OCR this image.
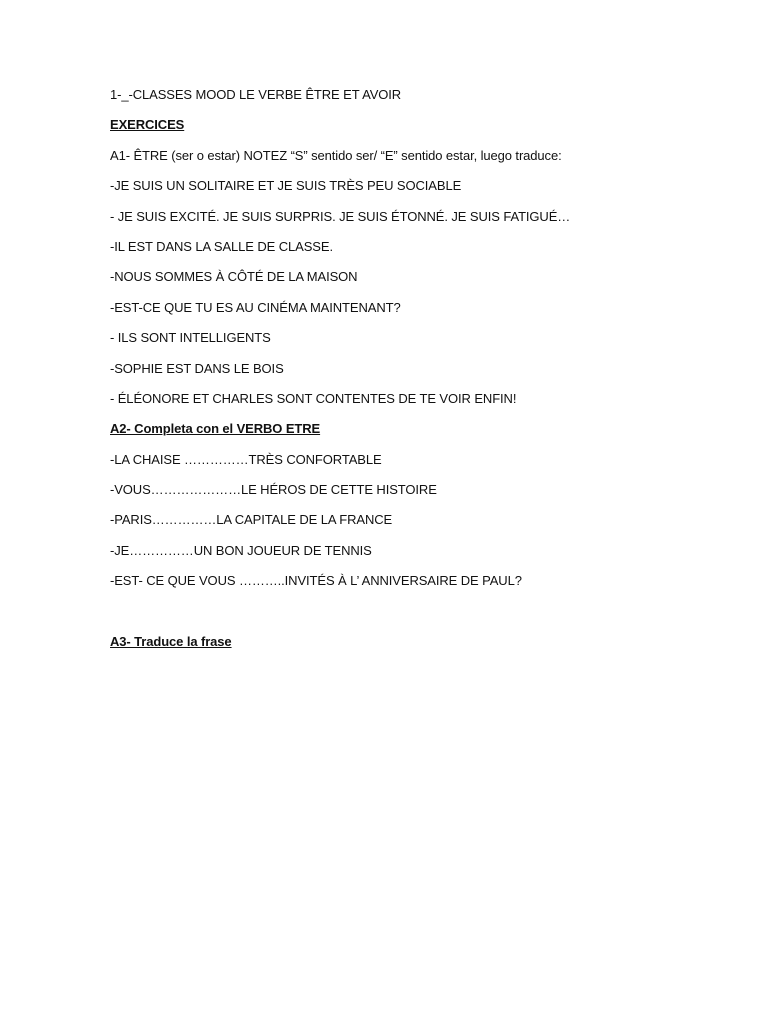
1-_-CLASSES MOOD LE VERBE ÊTRE ET AVOIR
EXERCICES
A1- ÊTRE (ser o estar) NOTEZ “S” sentido ser/ “E” sentido estar, luego traduce:
-JE SUIS UN SOLITAIRE ET JE SUIS TRÈS PEU SOCIABLE
- JE SUIS EXCITÉ. JE SUIS SURPRIS. JE SUIS ÉTONNÉ. JE SUIS FATIGUÉ…
-IL EST DANS LA SALLE DE CLASSE.
-NOUS SOMMES À CÔTÉ DE LA MAISON
-EST-CE QUE TU ES AU CINÉMA MAINTENANT?
- ILS SONT INTELLIGENTS
-SOPHIE EST DANS LE BOIS
- ÉLÉONORE ET CHARLES SONT CONTENTES DE TE VOIR ENFIN!
A2- Completa con el VERBO ETRE
-LA CHAISE ……………TRÈS CONFORTABLE
-VOUS…………………LE HÉROS DE CETTE HISTOIRE
-PARIS……………LA CAPITALE DE LA FRANCE
-JE……………UN BON JOUEUR DE TENNIS
-EST- CE QUE VOUS ………..INVITÉS À L’ ANNIVERSAIRE DE PAUL?
A3- Traduce la frase
